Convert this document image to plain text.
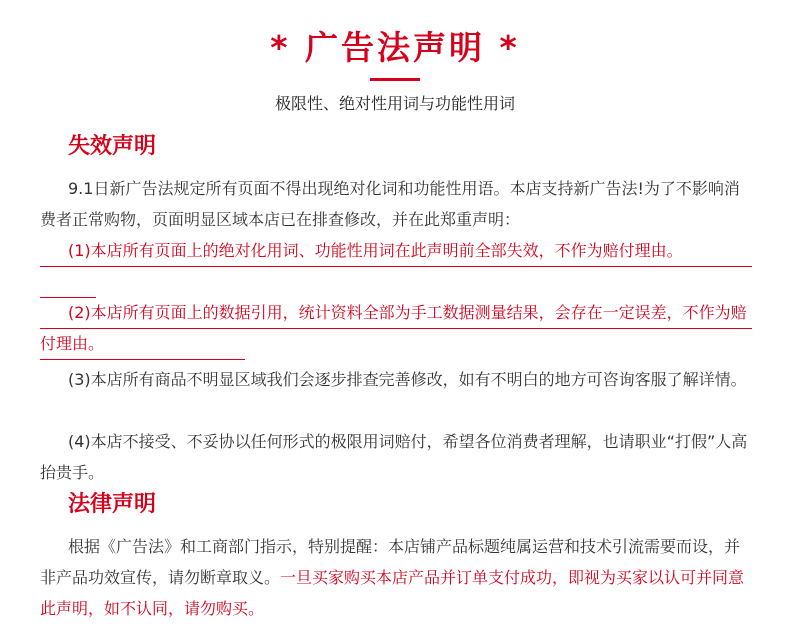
* 广告法声明 *
极限性、绝对性用词与功能性用词
失效声明
9.1日新广告法规定所有页面不得出现绝对化词和功能性用语。本店支持新广告法!为了不影响消费者正常购物，页面明显区域本店已在排查修改，并在此郑重声明：
(1)本店所有页面上的绝对化用词、功能性用词在此声明前全部失效，不作为赔付理由。
(2)本店所有页面上的数据引用，统计资料全部为手工数据测量结果，会存在一定误差，不作为赔付理由。
(3)本店所有商品不明显区域我们会逐步排查完善修改，如有不明白的地方可咨询客服了解详情。
(4)本店不接受、不妥协以任何形式的极限用词赔付，希望各位消费者理解，也请职业“打假”人高抬贵手。
法律声明
根据《广告法》和工商部门指示，特别提醒：本店铺产品标题纯属运营和技术引流需要而设，并非产品功效宣传，请勿断章取义。一旦买家购买本店产品并订单支付成功，即视为买家以认可并同意此声明，如不认同，请勿购买。
